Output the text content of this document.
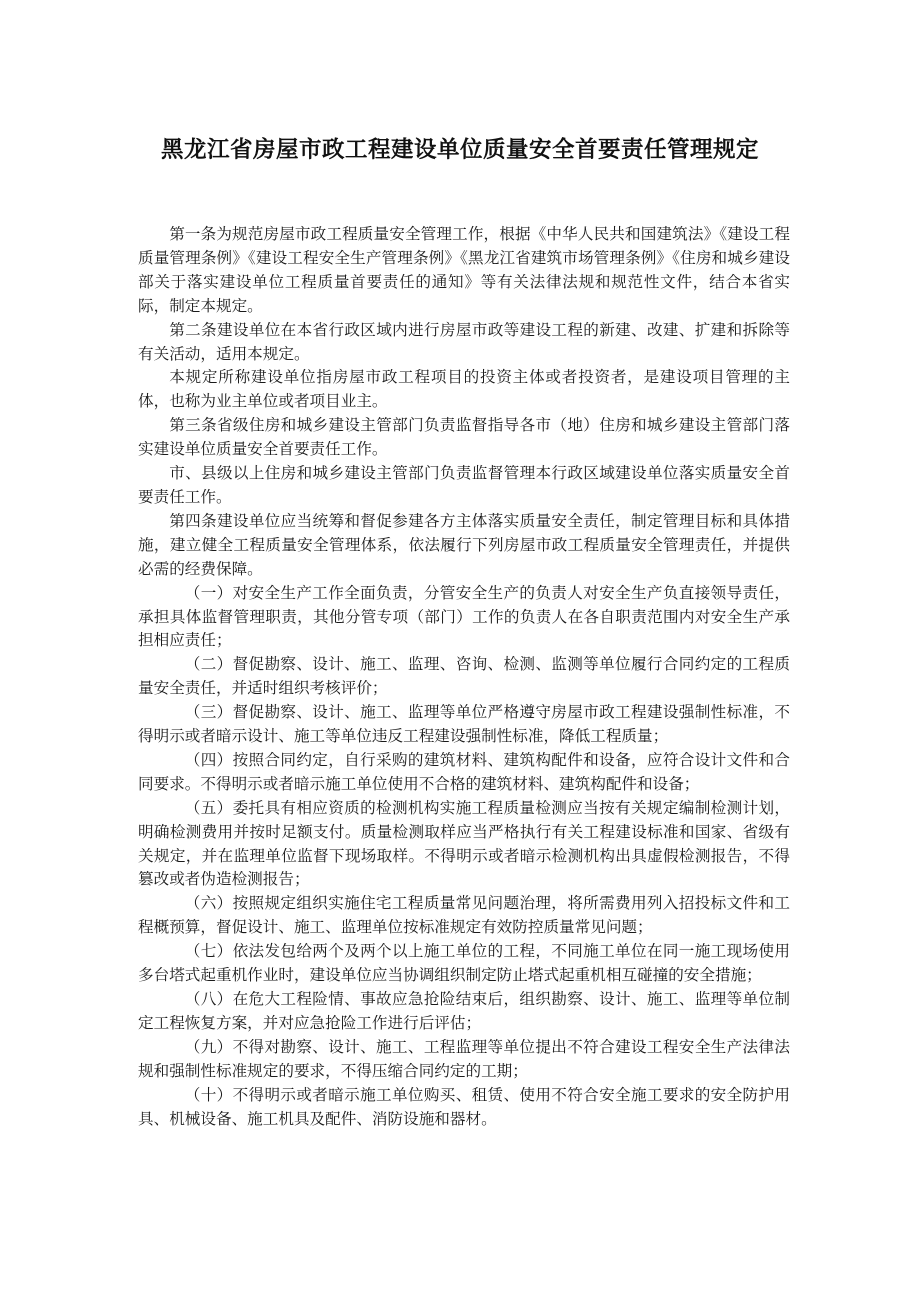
黑龙江省房屋市政工程建设单位质量安全首要责任管理规定

第一条为规范房屋市政工程质量安全管理工作，根据《中华人民共和国建筑法》《建设工程质量管理条例》《建设工程安全生产管理条例》《黑龙江省建筑市场管理条例》《住房和城乡建设部关于落实建设单位工程质量首要责任的通知》等有关法律法规和规范性文件，结合本省实际，制定本规定。

第二条建设单位在本省行政区域内进行房屋市政等建设工程的新建、改建、扩建和拆除等有关活动，适用本规定。

本规定所称建设单位指房屋市政工程项目的投资主体或者投资者，是建设项目管理的主体，也称为业主单位或者项目业主。

第三条省级住房和城乡建设主管部门负责监督指导各市（地）住房和城乡建设主管部门落实建设单位质量安全首要责任工作。

市、县级以上住房和城乡建设主管部门负责监督管理本行政区域建设单位落实质量安全首要责任工作。

第四条建设单位应当统筹和督促参建各方主体落实质量安全责任，制定管理目标和具体措施，建立健全工程质量安全管理体系，依法履行下列房屋市政工程质量安全管理责任，并提供必需的经费保障。

（一）对安全生产工作全面负责，分管安全生产的负责人对安全生产负直接领导责任，承担具体监督管理职责，其他分管专项（部门）工作的负责人在各自职责范围内对安全生产承担相应责任；

（二）督促勘察、设计、施工、监理、咨询、检测、监测等单位履行合同约定的工程质量安全责任，并适时组织考核评价；

（三）督促勘察、设计、施工、监理等单位严格遵守房屋市政工程建设强制性标准，不得明示或者暗示设计、施工等单位违反工程建设强制性标准，降低工程质量；

（四）按照合同约定，自行采购的建筑材料、建筑构配件和设备，应符合设计文件和合同要求。不得明示或者暗示施工单位使用不合格的建筑材料、建筑构配件和设备；

（五）委托具有相应资质的检测机构实施工程质量检测应当按有关规定编制检测计划，明确检测费用并按时足额支付。质量检测取样应当严格执行有关工程建设标准和国家、省级有关规定，并在监理单位监督下现场取样。不得明示或者暗示检测机构出具虚假检测报告，不得篡改或者伪造检测报告；

（六）按照规定组织实施住宅工程质量常见问题治理，将所需费用列入招投标文件和工程概预算，督促设计、施工、监理单位按标准规定有效防控质量常见问题；

（七）依法发包给两个及两个以上施工单位的工程，不同施工单位在同一施工现场使用多台塔式起重机作业时，建设单位应当协调组织制定防止塔式起重机相互碰撞的安全措施；

（八）在危大工程险情、事故应急抢险结束后，组织勘察、设计、施工、监理等单位制定工程恢复方案，并对应急抢险工作进行后评估；

（九）不得对勘察、设计、施工、工程监理等单位提出不符合建设工程安全生产法律法规和强制性标准规定的要求，不得压缩合同约定的工期；

（十）不得明示或者暗示施工单位购买、租赁、使用不符合安全施工要求的安全防护用具、机械设备、施工机具及配件、消防设施和器材。
